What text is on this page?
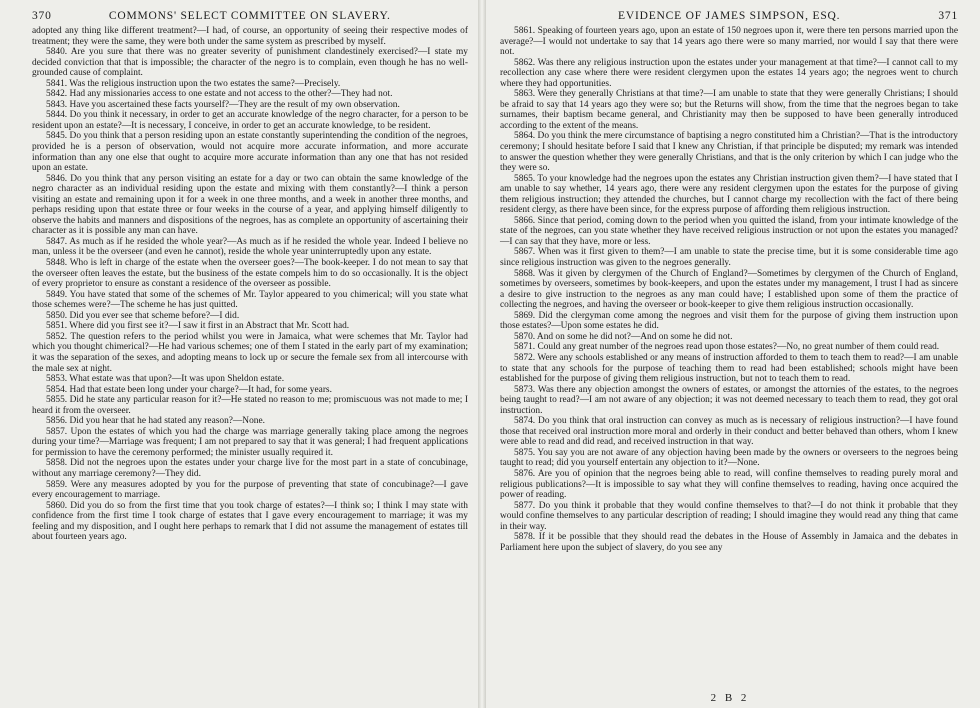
370	COMMONS' SELECT COMMITTEE ON SLAVERY.

adopted any thing like different treatment?—I had, of course, an opportunity of seeing their respective modes of treatment; they were the same, they were both under the same system as prescribed by myself.

5840. Are you sure that there was no greater severity of punishment clandestinely exercised?—I state my decided conviction that that is impossible; the character of the negro is to complain, even though he has no well-grounded cause of complaint.

5841. Was the religious instruction upon the two estates the same?—Precisely.

5842. Had any missionaries access to one estate and not access to the other?—They had not.

5843. Have you ascertained these facts yourself?—They are the result of my own observation.

5844. Do you think it necessary, in order to get an accurate knowledge of the negro character, for a person to be resident upon an estate?—It is necessary, I conceive, in order to get an accurate knowledge, to be resident.

5845. Do you think that a person residing upon an estate constantly superintending the condition of the negroes, provided he is a person of observation, would not acquire more accurate information, and more accurate information than any one else that ought to acquire more accurate information than any one that has not resided upon an estate.

5846. Do you think that any person visiting an estate for a day or two can obtain the same knowledge of the negro character as an individual residing upon the estate and mixing with them constantly?—I think a person visiting an estate and remaining upon it for a week in one three months, and a week in another three months, and perhaps residing upon that estate three or four weeks in the course of a year, and applying himself diligently to observe the habits and manners and dispositions of the negroes, has as complete an opportunity of ascertaining their character as it is possible any man can have.

5847. As much as if he resided the whole year?—As much as if he resided the whole year. Indeed I believe no man, unless it be the overseer (and even he cannot), reside the whole year uninterruptedly upon any estate.

5848. Who is left in charge of the estate when the overseer goes?—The book-keeper. I do not mean to say that the overseer often leaves the estate, but the business of the estate compels him to do so occasionally. It is the object of every proprietor to ensure as constant a residence of the overseer as possible.

5849. You have stated that some of the schemes of Mr. Taylor appeared to you chimerical; will you state what those schemes were?—The scheme he has just quitted.

5850. Did you ever see that scheme before?—I did.

5851. Where did you first see it?—I saw it first in an Abstract that Mr. Scott had.

5852. The question refers to the period whilst you were in Jamaica, what were schemes that Mr. Taylor had which you thought chimerical?—He had various schemes; one of them I stated in the early part of my examination; it was the separation of the sexes, and adopting means to lock up or secure the female sex from all intercourse with the male sex at night.

5853. What estate was that upon?—It was upon Sheldon estate.

5854. Had that estate been long under your charge?—It had, for some years.

5855. Did he state any particular reason for it?—He stated no reason to me; promiscuous was not made to me; I heard it from the overseer.

5856. Did you hear that he had stated any reason?—None.

5857. Upon the estates of which you had the charge was marriage generally taking place among the negroes during your time?—Marriage was frequent; I am not prepared to say that it was general; I had frequent applications for permission to have the ceremony performed; the minister usually required it.

5858. Did not the negroes upon the estates under your charge live for the most part in a state of concubinage, without any marriage ceremony?—They did.

5859. Were any measures adopted by you for the purpose of preventing that state of concubinage?—I gave every encouragement to marriage.

5860. Did you do so from the first time that you took charge of estates?—I think so; I think I may state with confidence from the first time I took charge of estates that I gave every encouragement to marriage; it was my feeling and my disposition, and I ought here perhaps to remark that I did not assume the management of estates till about fourteen years ago.

EVIDENCE OF JAMES SIMPSON, ESQ.	371

5861. Speaking of fourteen years ago, upon an estate of 150 negroes upon it, were there ten persons married upon the average?—I would not undertake to say that 14 years ago there were so many married, nor would I say that there were not.

5862. Was there any religious instruction upon the estates under your management at that time?—I cannot call to my recollection any case where there were resident clergymen upon the estates 14 years ago; the negroes went to church where they had opportunities.

5863. Were they generally Christians at that time?—I am unable to state that they were generally Christians; I should be afraid to say that 14 years ago they were so; but the Returns will show, from the time that the negroes began to take surnames, their baptism became general, and Christianity may then be supposed to have been generally introduced according to the extent of the means.

5864. Do you think the mere circumstance of baptising a negro constituted him a Christian?—That is the introductory ceremony; I should hesitate before I said that I knew any Christian, if that principle be disputed; my remark was intended to answer the question whether they were generally Christians, and that is the only criterion by which I can judge who the they were so.

5865. To your knowledge had the negroes upon the estates any Christian instruction given them?—I have stated that I am unable to say whether, 14 years ago, there were any resident clergymen upon the estates for the purpose of giving them religious instruction; they attended the churches, but I cannot charge my recollection with the fact of there being resident clergy, as there have been since, for the express purpose of affording them religious instruction.

5866. Since that period, coming down to the period when you quitted the island, from your intimate knowledge of the state of the negroes, can you state whether they have received religious instruction or not upon the estates you managed?—I can say that they have, more or less.

5867. When was it first given to them?—I am unable to state the precise time, but it is some considerable time ago since religious instruction was given to the negroes generally.

5868. Was it given by clergymen of the Church of England?—Sometimes by clergymen of the Church of England, sometimes by overseers, sometimes by book-keepers, and upon the estates under my management, I trust I had as sincere a desire to give instruction to the negroes as any man could have; I established upon some of them the practice of collecting the negroes, and having the overseer or book-keeper to give them religious instruction occasionally.

5869. Did the clergyman come among the negroes and visit them for the purpose of giving them instruction upon those estates?—Upon some estates he did.

5870. And on some he did not?—And on some he did not.

5871. Could any great number of the negroes read upon those estates?—No, no great number of them could read.

5872. Were any schools established or any means of instruction afforded to them to teach them to read?—I am unable to state that any schools for the purpose of teaching them to read had been established; schools might have been established for the purpose of giving them religious instruction, but not to teach them to read.

5873. Was there any objection amongst the owners of estates, or amongst the attornies of the estates, to the negroes being taught to read?—I am not aware of any objection; it was not deemed necessary to teach them to read, they got oral instruction.

5874. Do you think that oral instruction can convey as much as is necessary of religious instruction?—I have found those that received oral instruction more moral and orderly in their conduct and better behaved than others, whom I knew were able to read and did read, and received instruction in that way.

5875. You say you are not aware of any objection having been made by the owners or overseers to the negroes being taught to read; did you yourself entertain any objection to it?—None.

5876. Are you of opinion that the negroes being able to read, will confine themselves to reading purely moral and religious publications?—It is impossible to say what they will confine themselves to reading, having once acquired the power of reading.

5877. Do you think it probable that they would confine themselves to that?—I do not think it probable that they would confine themselves to any particular description of reading; I should imagine they would read any thing that came in their way.

5878. If it be possible that they should read the debates in the House of Assembly in Jamaica and the debates in Parliament here upon the subject of slavery, do you see any

2 B 2
